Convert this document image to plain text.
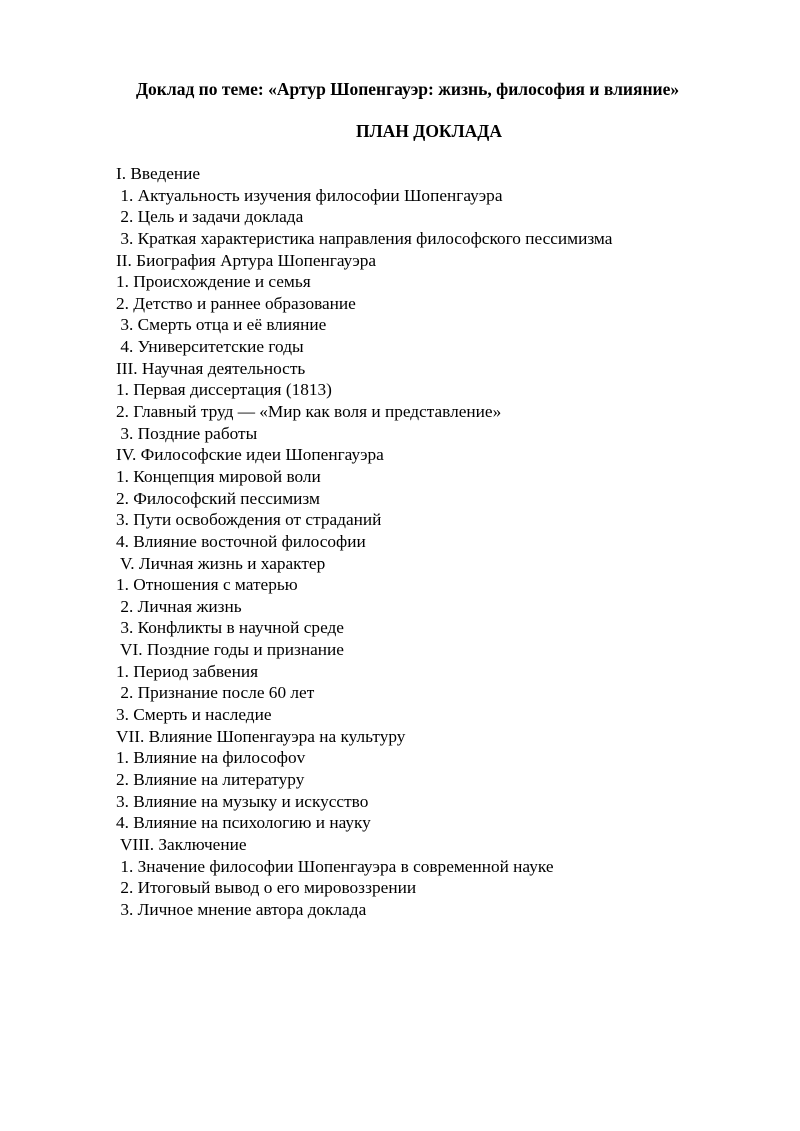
Доклад по теме: «Артур Шопенгауэр: жизнь, философия и влияние»
ПЛАН ДОКЛАДА
I. Введение
1. Актуальность изучения философии Шопенгауэра
2. Цель и задачи доклада
3. Краткая характеристика направления философского пессимизма
II. Биография Артура Шопенгауэра
1. Происхождение и семья
2. Детство и раннее образование
3. Смерть отца и её влияние
4. Университетские годы
III. Научная деятельность
1. Первая диссертация (1813)
2. Главный труд — «Мир как воля и представление»
3. Поздние работы
IV. Философские идеи Шопенгауэра
1. Концепция мировой воли
2. Философский пессимизм
3. Пути освобождения от страданий
4. Влияние восточной философии
V. Личная жизнь и характер
1. Отношения с матерью
2. Личная жизнь
3. Конфликты в научной среде
VI. Поздние годы и признание
1. Период забвения
2. Признание после 60 лет
3. Смерть и наследие
VII. Влияние Шопенгауэра на культуру
1. Влияние на философоv
2. Влияние на литературу
3. Влияние на музыку и искусство
4. Влияние на психологию и науку
VIII. Заключение
1. Значение философии Шопенгауэра в современной науке
2. Итоговый вывод о его мировоззрении
3. Личное мнение автора доклада
